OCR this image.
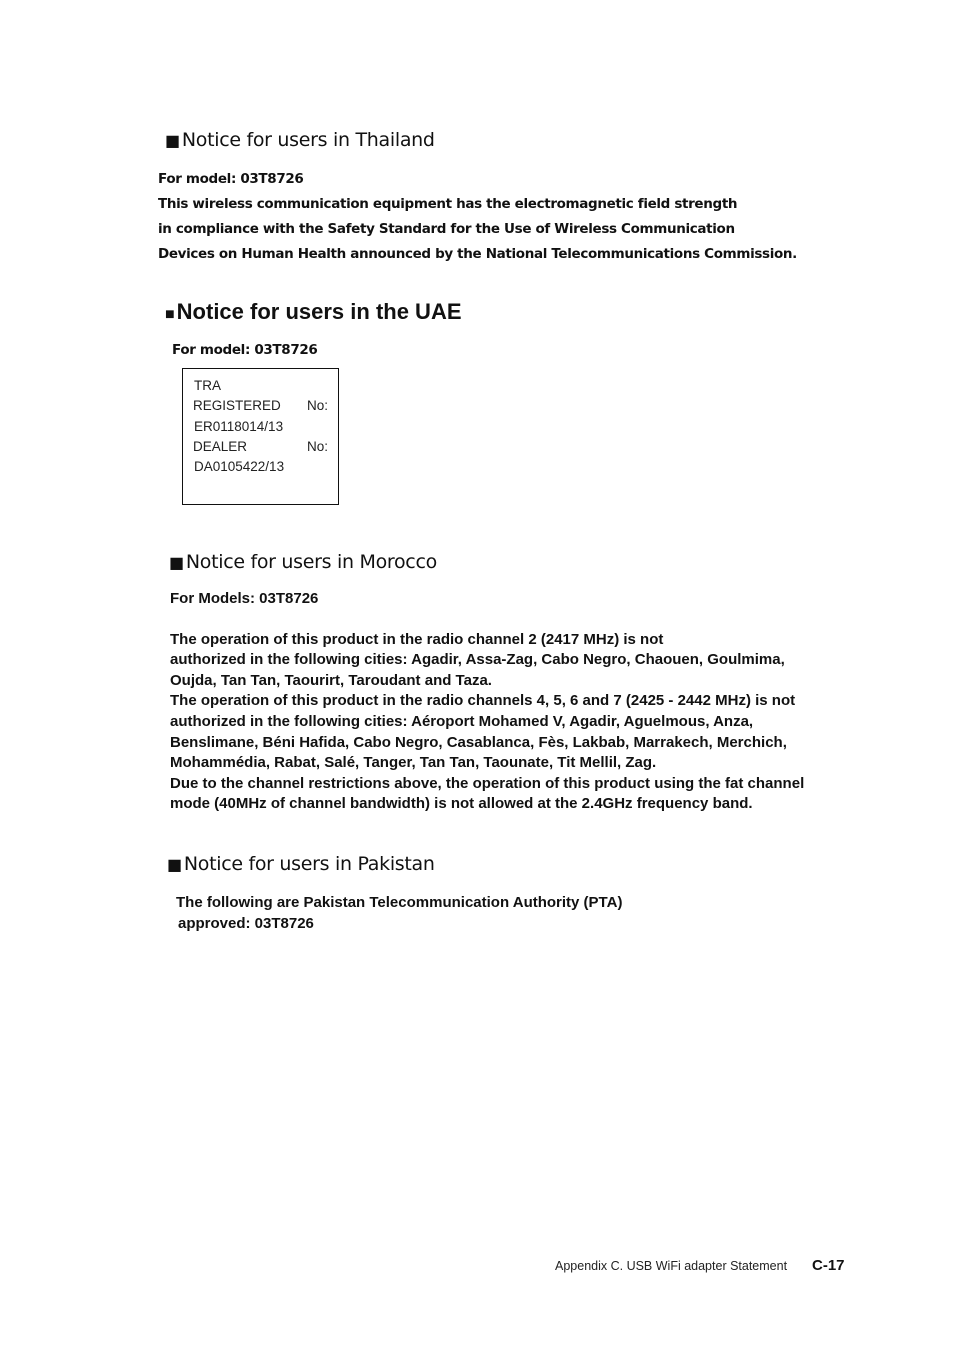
■ Notice for users in Thailand
For model: 03T8726
This wireless communication equipment has the electromagnetic field strength
in compliance with the Safety Standard for the Use of Wireless Communication
Devices on Human Health announced by the National Telecommunications Commission.
■Notice for users in the UAE
For model: 03T8726
TRA
REGISTERED No:
ER0118014/13
DEALER	No:
DA0105422/13
■ Notice for users in Morocco
For Models: 03T8726
The operation of this product in the radio channel 2 (2417 MHz) is not
authorized in the following cities: Agadir, Assa-Zag, Cabo Negro, Chaouen, Goulmima,
Oujda, Tan Tan, Taourirt, Taroudant and Taza.
The operation of this product in the radio channels 4, 5, 6 and 7 (2425 - 2442 MHz) is not
authorized in the following cities: Aéroport Mohamed V, Agadir, Aguelmous, Anza,
Benslimane, Béni Hafida, Cabo Negro, Casablanca, Fès, Lakbab, Marrakech, Merchich,
Mohammédia, Rabat, Salé, Tanger, Tan Tan, Taounate, Tit Mellil, Zag.
Due to the channel restrictions above, the operation of this product using the fat channel
mode (40MHz of channel bandwidth) is not allowed at the 2.4GHz frequency band.
■ Notice for users in Pakistan
The following are Pakistan Telecommunication Authority (PTA)
approved: 03T8726
Appendix C. USB WiFi adapter Statement C-17
